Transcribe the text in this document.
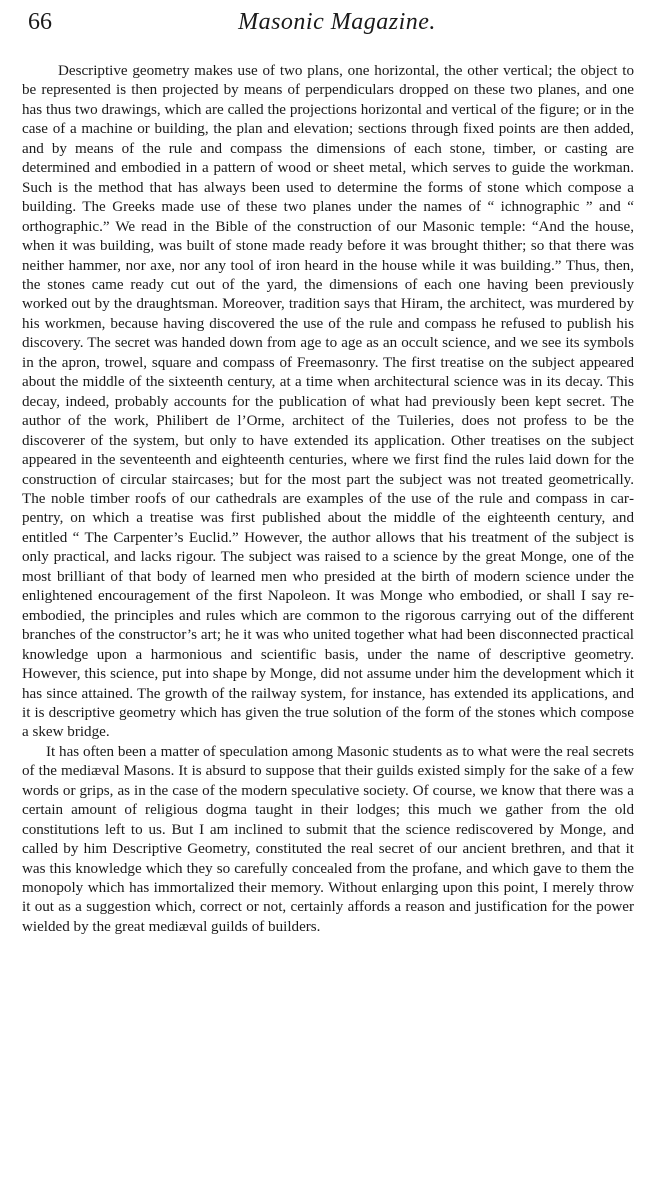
66	Masonic Magazine.

Descriptive geometry makes use of two plans, one horizontal, the other vertical; the object to be represented is then projected by means of perpendiculars dropped on these two planes, and one has thus two drawings, which are called the projections horizontal and vertical of the figure; or in the case of a machine or building, the plan and elevation; sections through fixed points are then added, and by means of the rule and compass the dimensions of each stone, timber, or casting are determined and embodied in a pattern of wood or sheet metal, which serves to guide the workman. Such is the method that has always been used to determine the forms of stone which compose a building. The Greeks made use of these two planes under the names of “ ichnographic ” and “ orthographic.” We read in the Bible of the construction of our Masonic temple: “And the house, when it was building, was built of stone made ready before it was brought thither; so that there was neither hammer, nor axe, nor any tool of iron heard in the house while it was building.” Thus, then, the stones came ready cut out of the yard, the dimensions of each one having been previously worked out by the draughtsman. Moreover, tradition says that Hiram, the architect, was murdered by his workmen, because having discovered the use of the rule and compass he refused to publish his discovery. The secret was handed down from age to age as an occult science, and we see its symbols in the apron, trowel, square and compass of Freemasonry. The first treatise on the subject appeared about the middle of the sixteenth century, at a time when architectural science was in its decay. This decay, indeed, probably accounts for the publication of what had previously been kept secret. The author of the work, Philibert de l’Orme, architect of the Tuileries, does not profess to be the discoverer of the system, but only to have extended its application. Other treatises on the subject appeared in the seventeenth and eighteenth centuries, where we first find the rules laid down for the construction of circular staircases; but for the most part the subject was not treated geometrically. The noble timber roofs of our cathedrals are examples of the use of the rule and compass in carpentry, on which a treatise was first published about the middle of the eighteenth century, and entitled “ The Carpenter’s Euclid.” However, the author allows that his treatment of the subject is only practical, and lacks rigour. The subject was raised to a science by the great Monge, one of the most brilliant of that body of learned men who presided at the birth of modern science under the enlightened encouragement of the first Napoleon. It was Monge who embodied, or shall I say re-embodied, the principles and rules which are common to the rigorous carrying out of the different branches of the constructor’s art; he it was who united together what had been disconnected practical knowledge upon a harmonious and scientific basis, under the name of descriptive geometry. However, this science, put into shape by Monge, did not assume under him the development which it has since attained. The growth of the railway system, for instance, has extended its applications, and it is descriptive geometry which has given the true solution of the form of the stones which compose a skew bridge.

It has often been a matter of speculation among Masonic students as to what were the real secrets of the mediæval Masons. It is absurd to suppose that their guilds existed simply for the sake of a few words or grips, as in the case of the modern speculative society. Of course, we know that there was a certain amount of religious dogma taught in their lodges; this much we gather from the old constitutions left to us. But I am inclined to submit that the science rediscovered by Monge, and called by him Descriptive Geometry, constituted the real secret of our ancient brethren, and that it was this knowledge which they so carefully concealed from the profane, and which gave to them the monopoly which has immortalized their memory. Without enlarging upon this point, I merely throw it out as a suggestion which, correct or not, certainly affords a reason and justification for the power wielded by the great mediæval guilds of builders.
